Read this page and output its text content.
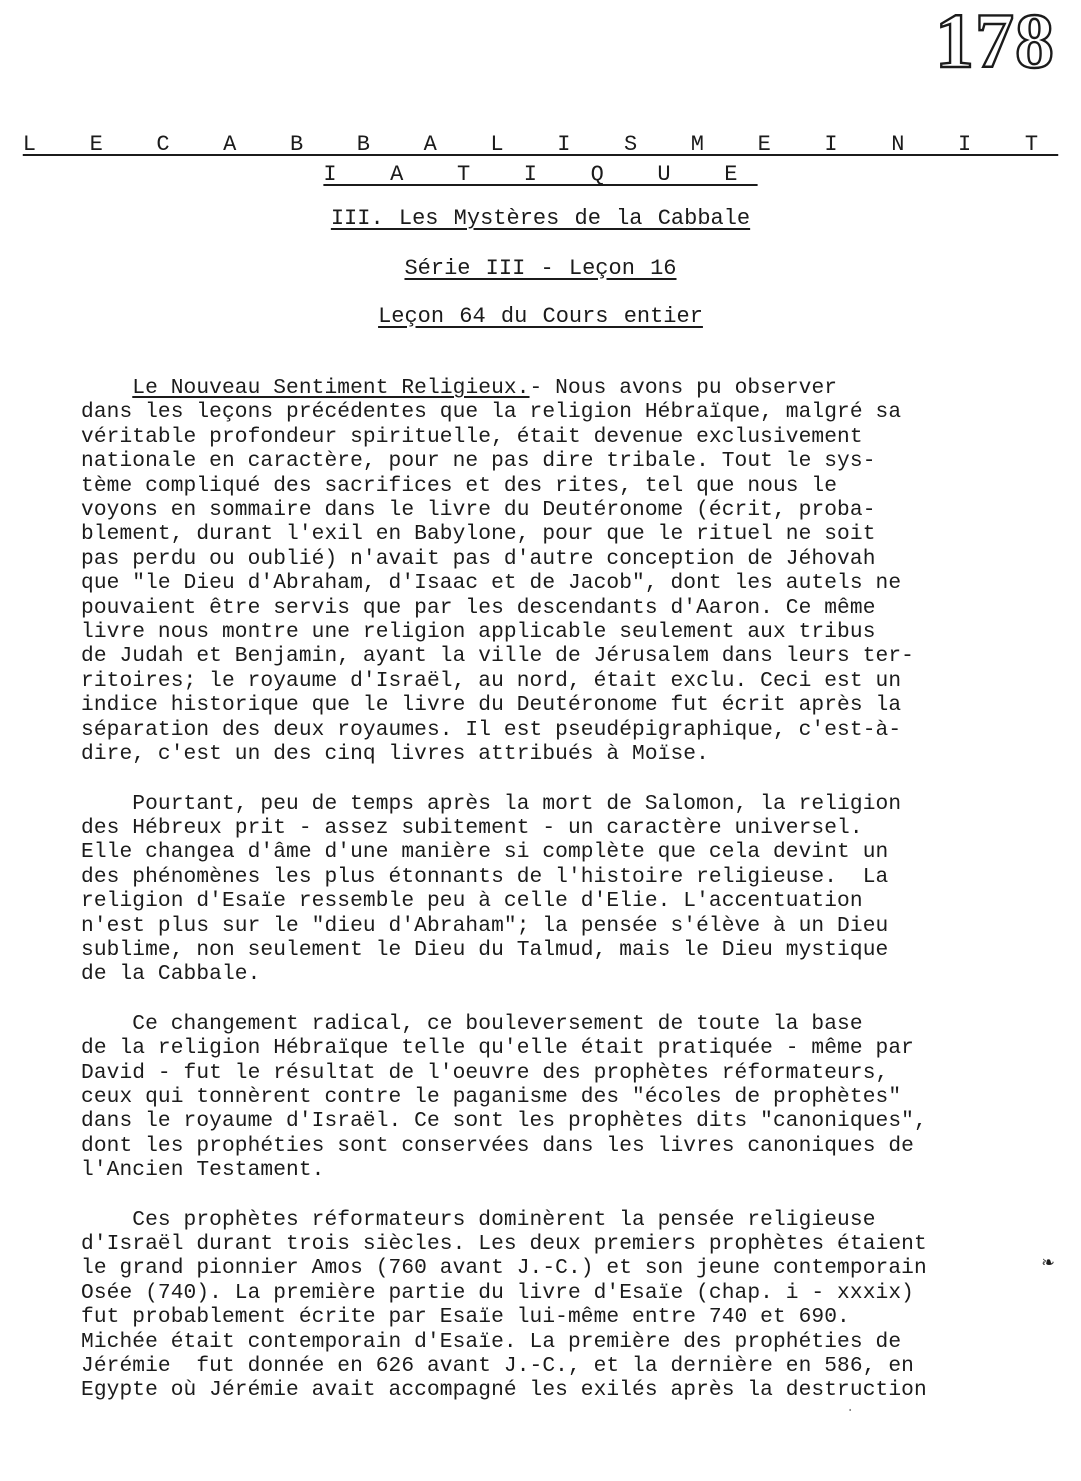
178
L E C A B B A L I S M E I N I T I A T I Q U E

III. Les Mystères de la Cabbale

Série III - Leçon 16

Leçon 64 du Cours entier

Le Nouveau Sentiment Religieux.- Nous avons pu observer
dans les leçons précédentes que la religion Hébraïque, malgré sa
véritable profondeur spirituelle, était devenue exclusivement
nationale en caractère, pour ne pas dire tribale. Tout le sys-
tème compliqué des sacrifices et des rites, tel que nous le
voyons en sommaire dans le livre du Deutéronome (écrit, proba-
blement, durant l'exil en Babylone, pour que le rituel ne soit
pas perdu ou oublié) n'avait pas d'autre conception de Jéhovah
que "le Dieu d'Abraham, d'Isaac et de Jacob", dont les autels ne
pouvaient être servis que par les descendants d'Aaron. Ce même
livre nous montre une religion applicable seulement aux tribus
de Judah et Benjamin, ayant la ville de Jérusalem dans leurs ter-
ritoires; le royaume d'Israël, au nord, était exclu. Ceci est un
indice historique que le livre du Deutéronome fut écrit après la
séparation des deux royaumes. Il est pseudépigraphique, c'est-à-
dire, c'est un des cinq livres attribués à Moïse.

Pourtant, peu de temps après la mort de Salomon, la religion
des Hébreux prit - assez subitement - un caractère universel.
Elle changea d'âme d'une manière si complète que cela devint un
des phénomènes les plus étonnants de l'histoire religieuse.  La
religion d'Esaïe ressemble peu à celle d'Elie. L'accentuation
n'est plus sur le "dieu d'Abraham"; la pensée s'élève à un Dieu
sublime, non seulement le Dieu du Talmud, mais le Dieu mystique
de la Cabbale.

Ce changement radical, ce bouleversement de toute la base
de la religion Hébraïque telle qu'elle était pratiquée - même par
David - fut le résultat de l'oeuvre des prophètes réformateurs,
ceux qui tonnèrent contre le paganisme des "écoles de prophètes"
dans le royaume d'Israël. Ce sont les prophètes dits "canoniques",
dont les prophéties sont conservées dans les livres canoniques de
l'Ancien Testament.

Ces prophètes réformateurs dominèrent la pensée religieuse
d'Israël durant trois siècles. Les deux premiers prophètes étaient
le grand pionnier Amos (760 avant J.-C.) et son jeune contemporain
Osée (740). La première partie du livre d'Esaïe (chap. i - xxxix)
fut probablement écrite par Esaïe lui-même entre 740 et 690.
Michée était contemporain d'Esaïe. La première des prophéties de
Jérémie  fut donnée en 626 avant J.-C., et la dernière en 586, en
Egypte où Jérémie avait accompagné les exilés après la destruction

❧
·
